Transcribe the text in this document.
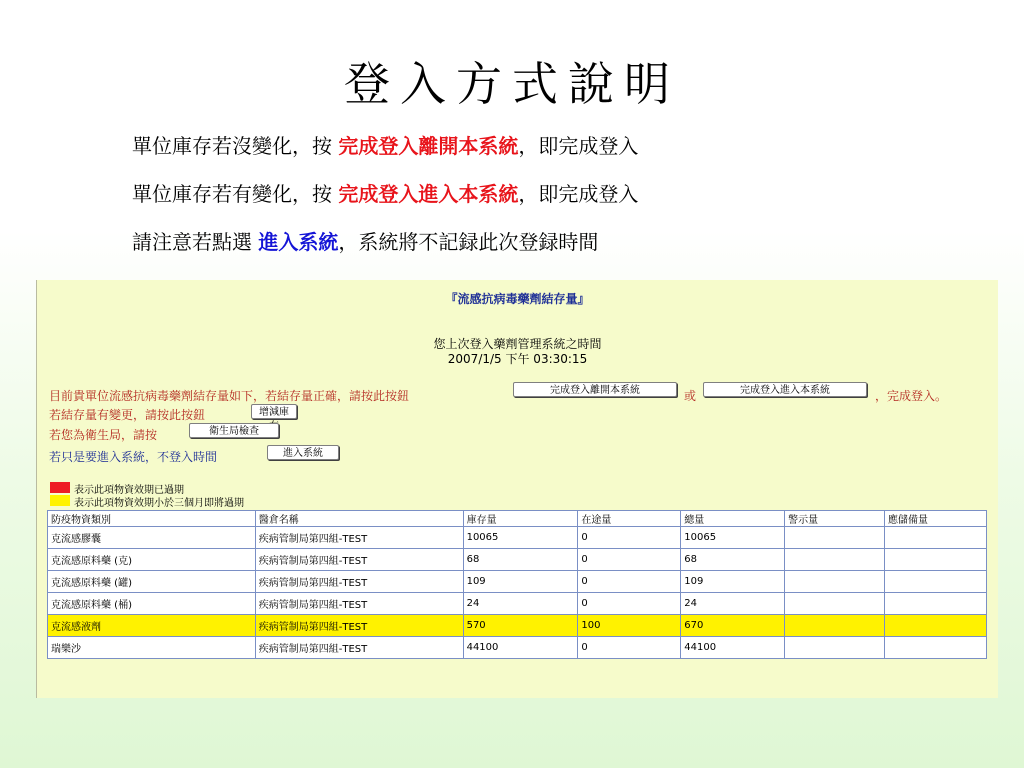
登入方式說明
單位庫存若沒變化，按 完成登入離開本系統，即完成登入
單位庫存若有變化，按 完成登入進入本系統，即完成登入
請注意若點選 進入系統，系統將不記録此次登録時間
『流感抗病毒藥劑結存量』
您上次登入藥劑管理系統之時間
2007/1/5 下午 03:30:15
目前貴單位流感抗病毒藥劑結存量如下，若結存量正確，請按此按鈕	完成登入離開本系統	或	完成登入進入本系統	，完成登入。
若結存量有變更，請按此按鈕	增減庫
若您為衛生局，請按	衛生局檢查
若只是要進入系統，不登入時間	進入系統
表示此項物資效期已過期
表示此項物資效期小於三個月即將過期
防疫物資類別	醫倉名稱	庫存量	在途量	總量	警示量	應儲備量
克流感膠囊	疾病管制局第四組-TEST	10065	0	10065		
克流感原料藥 (克)	疾病管制局第四組-TEST	68	0	68		
克流感原料藥 (罐)	疾病管制局第四組-TEST	109	0	109		
克流感原料藥 (桶)	疾病管制局第四組-TEST	24	0	24		
克流感液劑	疾病管制局第四組-TEST	570	100	670		
瑞樂沙	疾病管制局第四組-TEST	44100	0	44100		
